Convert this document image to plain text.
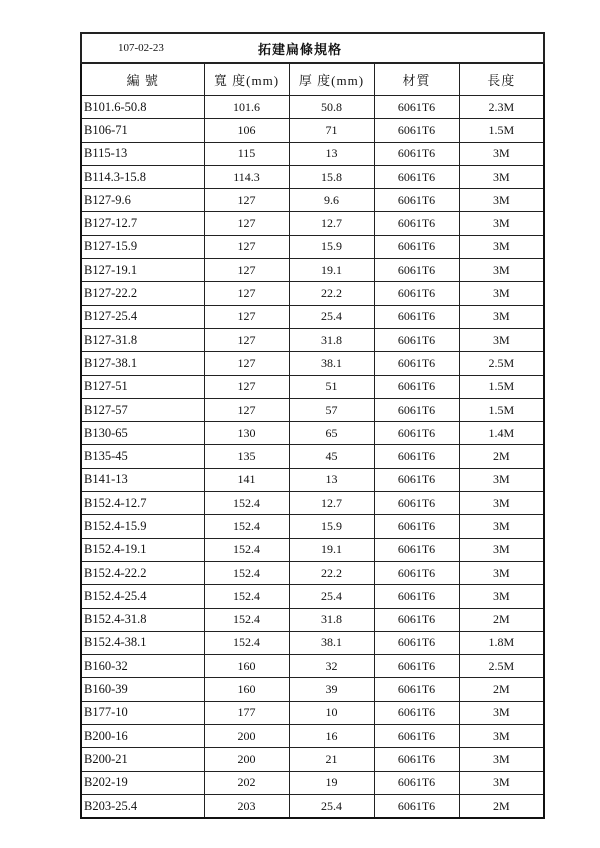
107-02-23 拓建扁條規格				
編 號	寬 度(mm)	厚 度(mm)	材質	長度
B101.6-50.8	101.6	50.8	6061T6	2.3M
B106-71	106	71	6061T6	1.5M
B115-13	115	13	6061T6	3M
B114.3-15.8	114.3	15.8	6061T6	3M
B127-9.6	127	9.6	6061T6	3M
B127-12.7	127	12.7	6061T6	3M
B127-15.9	127	15.9	6061T6	3M
B127-19.1	127	19.1	6061T6	3M
B127-22.2	127	22.2	6061T6	3M
B127-25.4	127	25.4	6061T6	3M
B127-31.8	127	31.8	6061T6	3M
B127-38.1	127	38.1	6061T6	2.5M
B127-51	127	51	6061T6	1.5M
B127-57	127	57	6061T6	1.5M
B130-65	130	65	6061T6	1.4M
B135-45	135	45	6061T6	2M
B141-13	141	13	6061T6	3M
B152.4-12.7	152.4	12.7	6061T6	3M
B152.4-15.9	152.4	15.9	6061T6	3M
B152.4-19.1	152.4	19.1	6061T6	3M
B152.4-22.2	152.4	22.2	6061T6	3M
B152.4-25.4	152.4	25.4	6061T6	3M
B152.4-31.8	152.4	31.8	6061T6	2M
B152.4-38.1	152.4	38.1	6061T6	1.8M
B160-32	160	32	6061T6	2.5M
B160-39	160	39	6061T6	2M
B177-10	177	10	6061T6	3M
B200-16	200	16	6061T6	3M
B200-21	200	21	6061T6	3M
B202-19	202	19	6061T6	3M
B203-25.4	203	25.4	6061T6	2M
